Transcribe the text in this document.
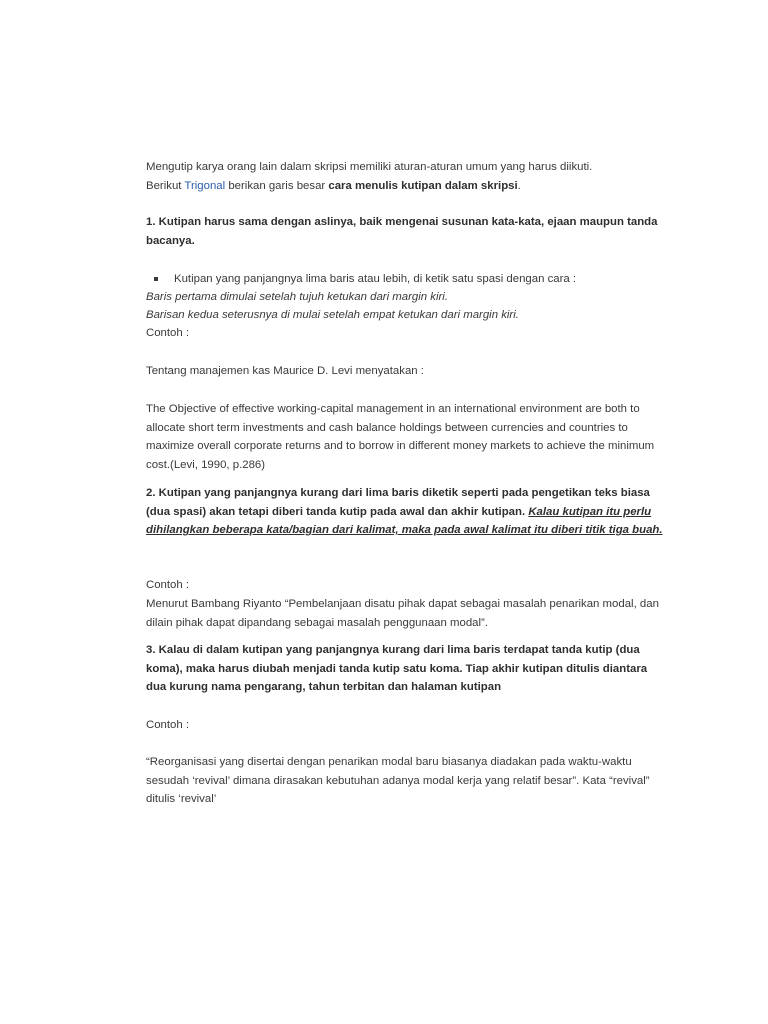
Mengutip karya orang lain dalam skripsi memiliki aturan-aturan umum yang harus diikuti.
Berikut Trigonal berikan garis besar cara menulis kutipan dalam skripsi.

1. Kutipan harus sama dengan aslinya, baik mengenai susunan kata-kata, ejaan maupun tanda bacanya.

Kutipan yang panjangnya lima baris atau lebih, di ketik satu spasi dengan cara :

Baris pertama dimulai setelah tujuh ketukan dari margin kiri.

Barisan kedua seterusnya di mulai setelah empat ketukan dari margin kiri.

Contoh :

Tentang manajemen kas Maurice D. Levi menyatakan :

The Objective of effective working-capital management in an international environment are both to allocate short term investments and cash balance holdings between currencies and countries to maximize overall corporate returns and to borrow in different money markets to achieve the minimum cost.(Levi, 1990, p.286)

2. Kutipan yang panjangnya kurang dari lima baris diketik seperti pada pengetikan teks biasa (dua spasi) akan tetapi diberi tanda kutip pada awal dan akhir kutipan. Kalau kutipan itu perlu dihilangkan beberapa kata/bagian dari kalimat, maka pada awal kalimat itu diberi titik tiga buah.

Contoh :

Menurut Bambang Riyanto “Pembelanjaan disatu pihak dapat sebagai masalah penarikan modal, dan dilain pihak dapat dipandang sebagai masalah penggunaan modal”.

3. Kalau di dalam kutipan yang panjangnya kurang dari lima baris terdapat tanda kutip (dua koma), maka harus diubah menjadi tanda kutip satu koma. Tiap akhir kutipan ditulis diantara dua kurung nama pengarang, tahun terbitan dan halaman kutipan

Contoh :

“Reorganisasi yang disertai dengan penarikan modal baru biasanya diadakan pada waktu-waktu sesudah ‘revival’ dimana dirasakan kebutuhan adanya modal kerja yang relatif besar”. Kata “revival” ditulis ‘revival’
